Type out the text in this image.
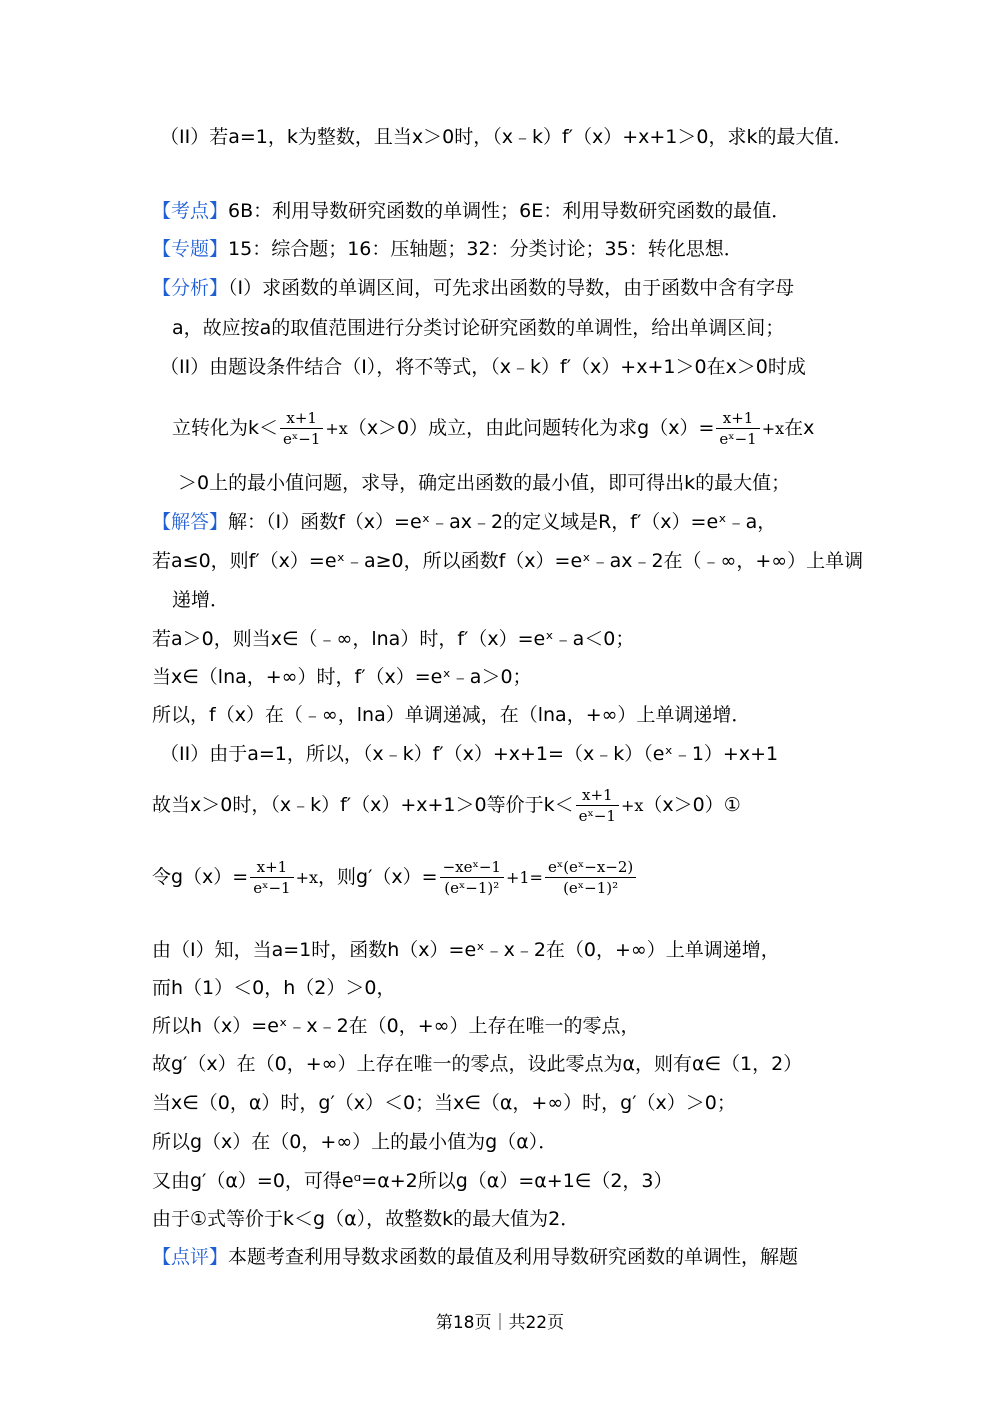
（II）若a=1，k为整数，且当x＞0时，（x﹣k）f′（x）+x+1＞0，求k的最大值．
【考点】6B：利用导数研究函数的单调性；6E：利用导数研究函数的最值．
【专题】15：综合题；16：压轴题；32：分类讨论；35：转化思想．
【分析】（I）求函数的单调区间，可先求出函数的导数，由于函数中含有字母
a，故应按a的取值范围进行分类讨论研究函数的单调性，给出单调区间；
（II）由题设条件结合（I），将不等式，（x﹣k）f′（x）+x+1＞0在x＞0时成
立转化为$k< \frac{x+1}{\text{eˣ−1}} +x(x>0)$成立，由此问题转化为求$g(x)= \frac{x+1}{\text{eˣ−1}} +x$在x
＞0上的最小值问题，求导，确定出函数的最小值，即可得出k的最大值；
【解答】解：（I）函数f（x）=eˣ﹣ax﹣2的定义域是R，f′（x）=eˣ﹣a，
若a≤0，则f′（x）=eˣ﹣a≥0，所以函数f（x）=eˣ﹣ax﹣2在（﹣∞，+∞）上单调
递增．
若a＞0，则当x∈（﹣∞，lna）时，f′（x）=eˣ﹣a＜0；
当x∈（lna，+∞）时，f′（x）=eˣ﹣a＞0；
所以，f（x）在（﹣∞，lna）单调递减，在（lna，+∞）上单调递增．
（II）由于a=1，所以，（x﹣k）f′（x）+x+1=（x﹣k）（eˣ﹣1）+x+1
故当x＞0时，（x﹣k）f′（x）+x+1＞0等价于$k< \frac{x+1}{\text{eˣ−1}}$ +x（x＞0）①
令$g(x)= \frac{x+1}{\text{eˣ−1}} +x$，则$g'(x)= \frac{\text{−xeˣ−1}}{\text{(eˣ−1)²}} +1= \frac{\text{eˣ(eˣ−x−2)}}{\text{(eˣ−1)²}}$
由（I）知，当a=1时，函数h（x）=eˣ﹣x﹣2在（0，+∞）上单调递增，
而h（1）＜0，h（2）＞0，
所以h（x）=eˣ﹣x﹣2在（0，+∞）上存在唯一的零点，
故g′（x）在（0，+∞）上存在唯一的零点，设此零点为α，则有α∈（1，2）
当x∈（0，α）时，g′（x）＜0；当x∈（α，+∞）时，g′（x）＞0；
所以g（x）在（0，+∞）上的最小值为g（α）．
又由g′（α）=0，可得eᵅ=α+2所以g（α）=α+1∈（2，3）
由于①式等价于k＜g（α），故整数k的最大值为2．
【点评】本题考查利用导数求函数的最值及利用导数研究函数的单调性，解题
第18页｜共22页
